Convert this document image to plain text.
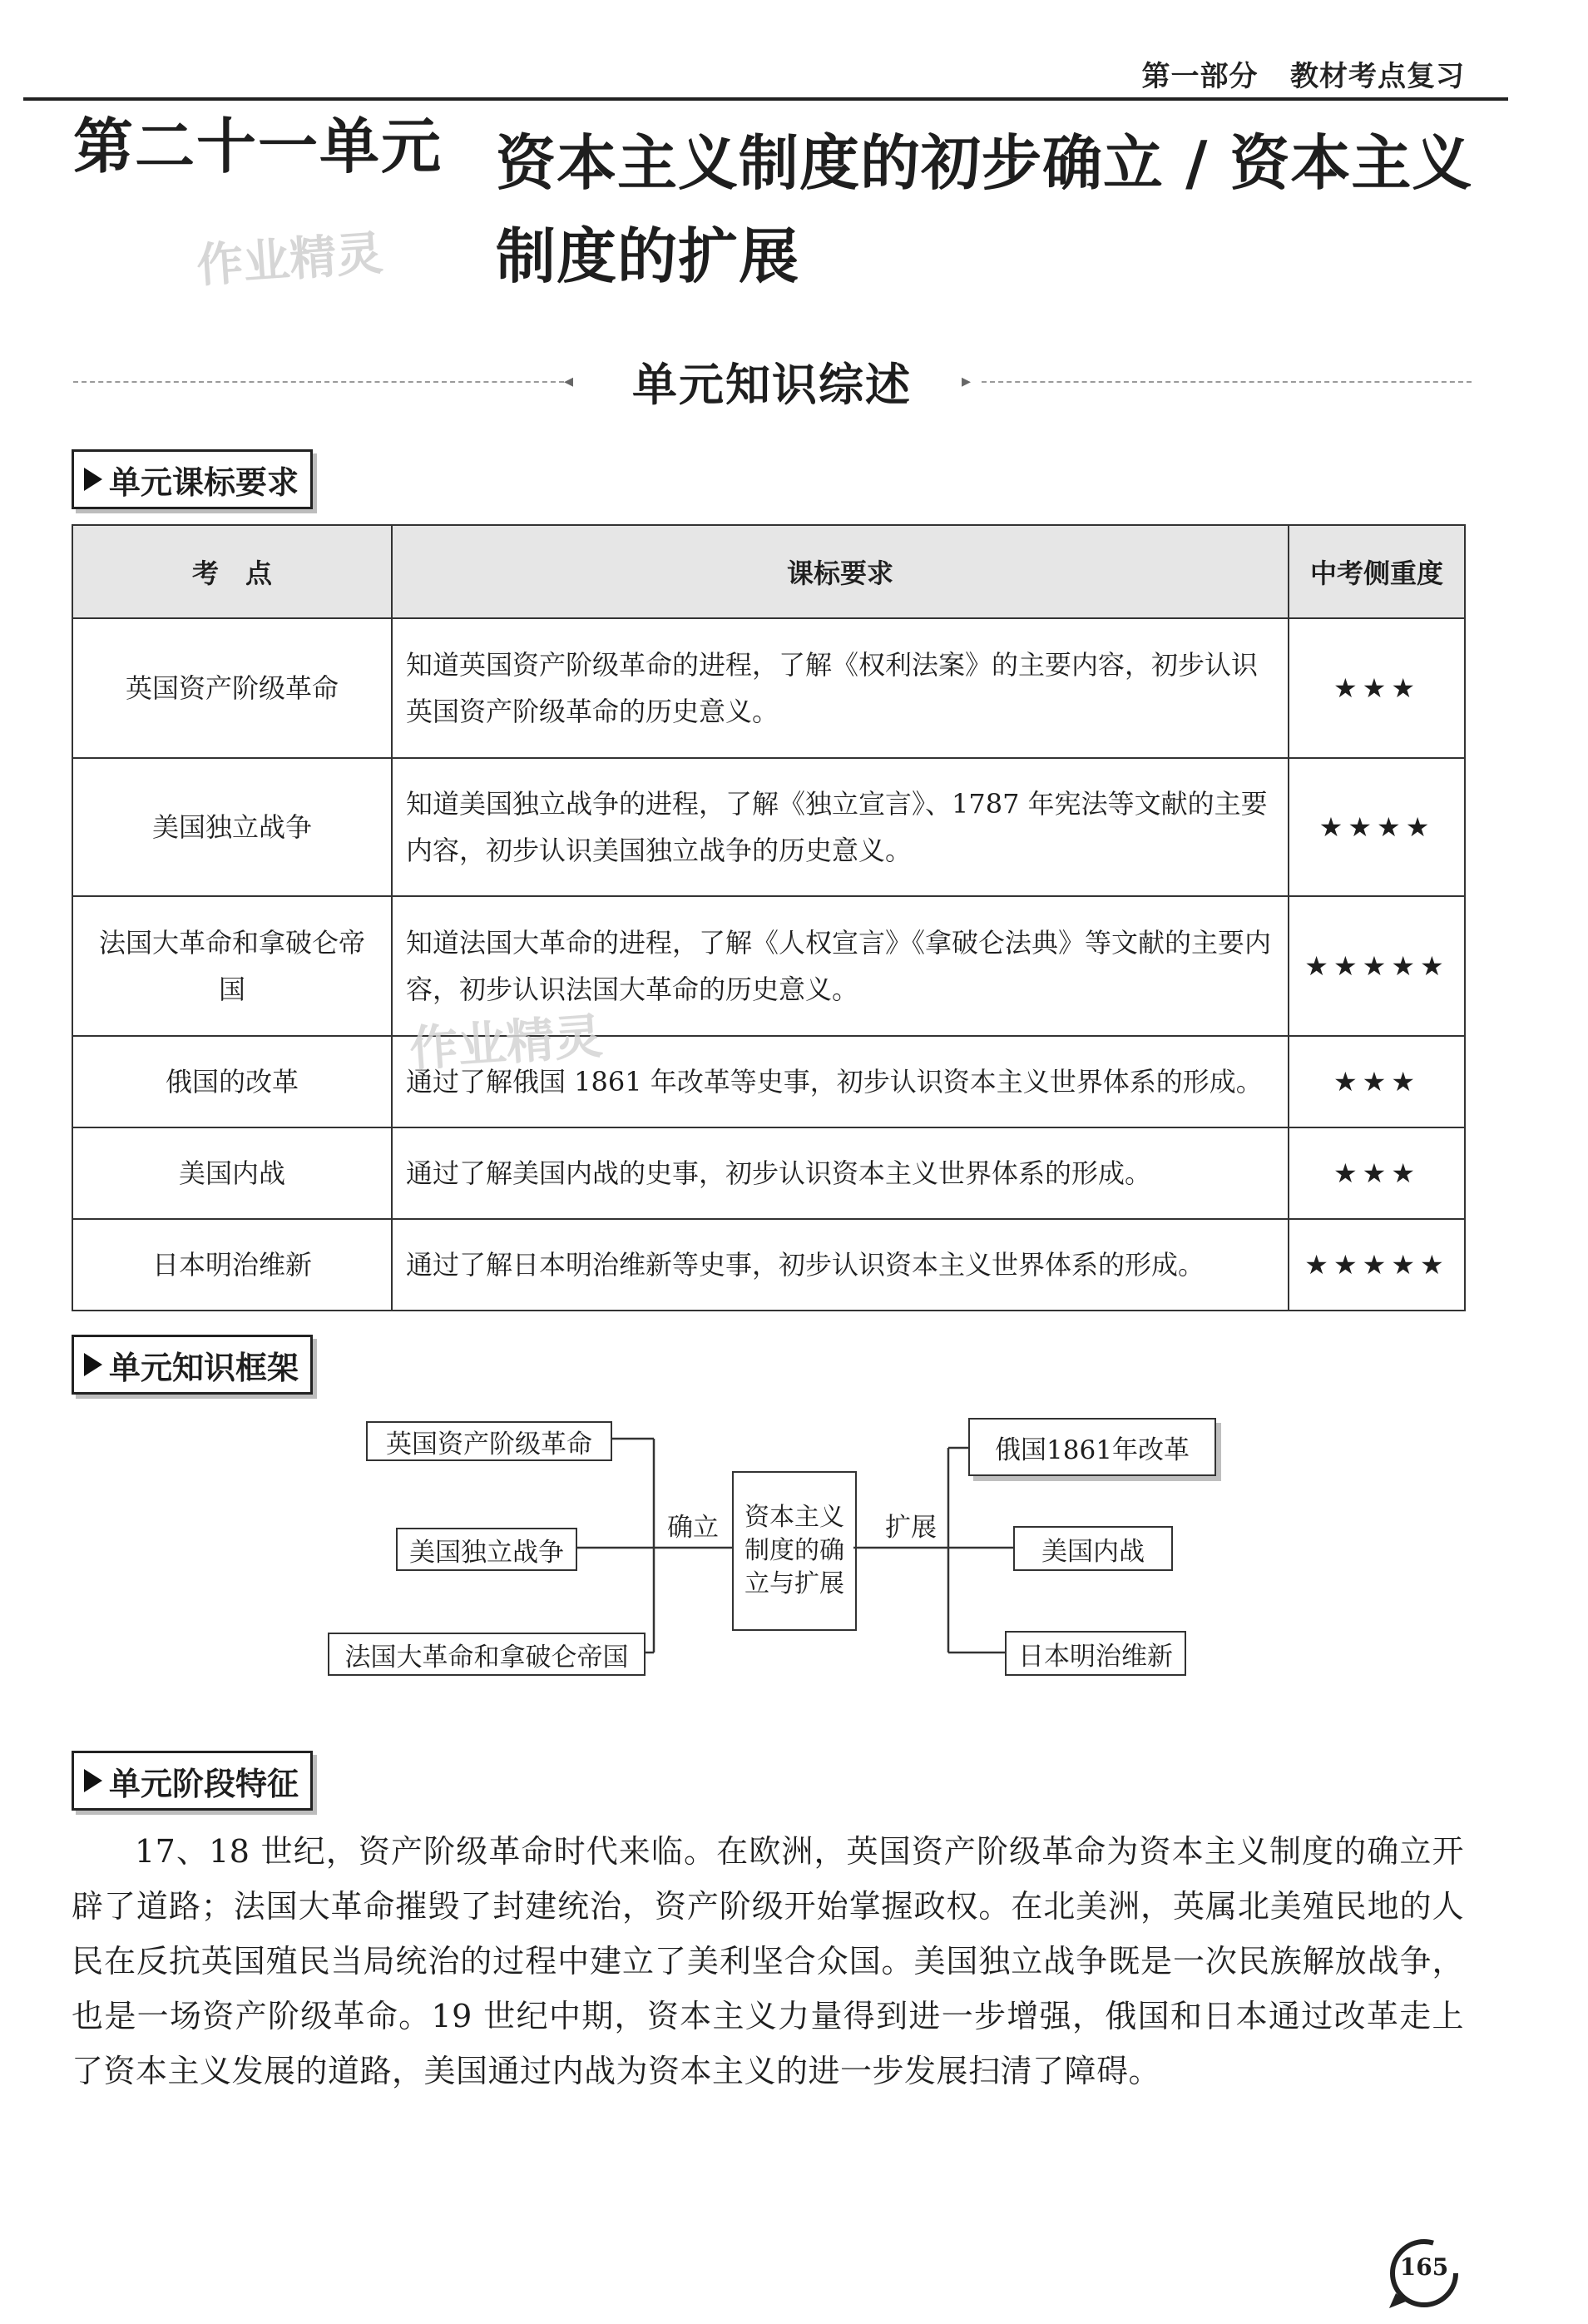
第一部分 教材考点复习
第二十一单元 资本主义制度的初步确立 / 资本主义
制度的扩展
作业精灵
◂ 单元知识综述	▸
单元课标要求
考　点	课标要求	中考侧重度
英国资产阶级革命	知道英国资产阶级革命的进程，了解《权利法案》的主要内容，初步认识英国资产阶级革命的历史意义。	★★★
美国独立战争	知道美国独立战争的进程，了解《独立宣言》、1787 年宪法等文献的主要内容，初步认识美国独立战争的历史意义。	★★★★
法国大革命和拿破仑帝国	知道法国大革命的进程，了解《人权宣言》《拿破仑法典》等文献的主要内容，初步认识法国大革命的历史意义。	★★★★★
俄国的改革	通过了解俄国 1861 年改革等史事，初步认识资本主义世界体系的形成。	★★★
美国内战	通过了解美国内战的史事，初步认识资本主义世界体系的形成。	★★★
日本明治维新	通过了解日本明治维新等史事，初步认识资本主义世界体系的形成。	★★★★★
作业精灵
单元知识框架
英国资产阶级革命
美国独立战争
法国大革命和拿破仑帝国
确立 资本主义制度的确立与扩展
扩展
俄国1861年改革
美国内战
日本明治维新
单元阶段特征

17、18 世纪，资产阶级革命时代来临。在欧洲，英国资产阶级革命为资本主义制度的确立开辟了道路；法国大革命摧毁了封建统治，资产阶级开始掌握政权。在北美洲，英属北美殖民地的人民在反抗英国殖民当局统治的过程中建立了美利坚合众国。美国独立战争既是一次民族解放战争，也是一场资产阶级革命。19 世纪中期，资本主义力量得到进一步增强，俄国和日本通过改革走上了资本主义发展的道路，美国通过内战为资本主义的进一步发展扫清了障碍。

165
